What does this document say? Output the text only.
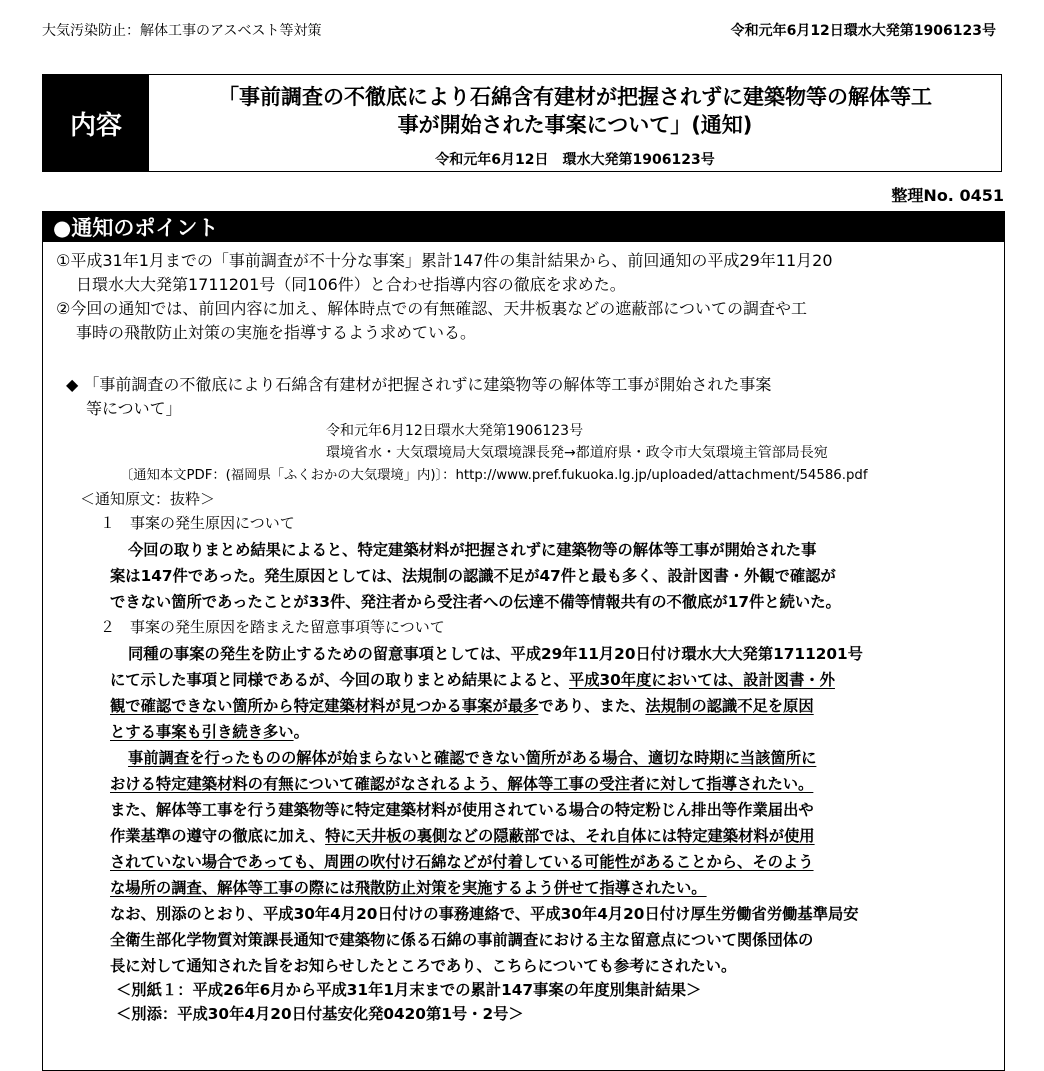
大気汚染防止：解体工事のアスベスト等対策	令和元年6月12日環水大発第1906123号
内容
「事前調査の不徹底により石綿含有建材が把握されずに建築物等の解体等工
事が開始された事案について」(通知)
令和元年6月12日　環水大発第1906123号
整理No. 0451
●通知のポイント
①平成31年1月までの「事前調査が不十分な事案」累計147件の集計結果から、前回通知の平成29年11月20
日環水大大発第1711201号（同106件）と合わせ指導内容の徹底を求めた。
②今回の通知では、前回内容に加え、解体時点での有無確認、天井板裏などの遮蔽部についての調査や工
事時の飛散防止対策の実施を指導するよう求めている。
◆ 「事前調査の不徹底により石綿含有建材が把握されずに建築物等の解体等工事が開始された事案
等について」
令和元年6月12日環水大発第1906123号
環境省水・大気環境局大気環境課長発→都道府県・政令市大気環境主管部局長宛
〔通知本文PDF：(福岡県「ふくおかの大気環境」内)〕：http://www.pref.fukuoka.lg.jp/uploaded/attachment/54586.pdf
＜通知原文：抜粋＞
１　事案の発生原因について
今回の取りまとめ結果によると、特定建築材料が把握されずに建築物等の解体等工事が開始された事
案は147件であった。発生原因としては、法規制の認識不足が47件と最も多く、設計図書・外観で確認が
できない箇所であったことが33件、発注者から受注者への伝達不備等情報共有の不徹底が17件と続いた。
２　事案の発生原因を踏まえた留意事項等について
同種の事案の発生を防止するための留意事項としては、平成29年11月20日付け環水大大発第1711201号
にて示した事項と同様であるが、今回の取りまとめ結果によると、平成30年度においては、設計図書・外
観で確認できない箇所から特定建築材料が見つかる事案が最多であり、また、法規制の認識不足を原因
とする事案も引き続き多い。
事前調査を行ったものの解体が始まらないと確認できない箇所がある場合、適切な時期に当該箇所に
おける特定建築材料の有無について確認がなされるよう、解体等工事の受注者に対して指導されたい。
また、解体等工事を行う建築物等に特定建築材料が使用されている場合の特定粉じん排出等作業届出や
作業基準の遵守の徹底に加え、特に天井板の裏側などの隠蔽部では、それ自体には特定建築材料が使用
されていない場合であっても、周囲の吹付け石綿などが付着している可能性があることから、そのよう
な場所の調査、解体等工事の際には飛散防止対策を実施するよう併せて指導されたい。
なお、別添のとおり、平成30年4月20日付けの事務連絡で、平成30年4月20日付け厚生労働省労働基準局安
全衛生部化学物質対策課長通知で建築物に係る石綿の事前調査における主な留意点について関係団体の
長に対して通知された旨をお知らせしたところであり、こちらについても参考にされたい。
＜別紙１：平成26年6月から平成31年1月末までの累計147事案の年度別集計結果＞
＜別添：平成30年4月20日付基安化発0420第1号・2号＞
